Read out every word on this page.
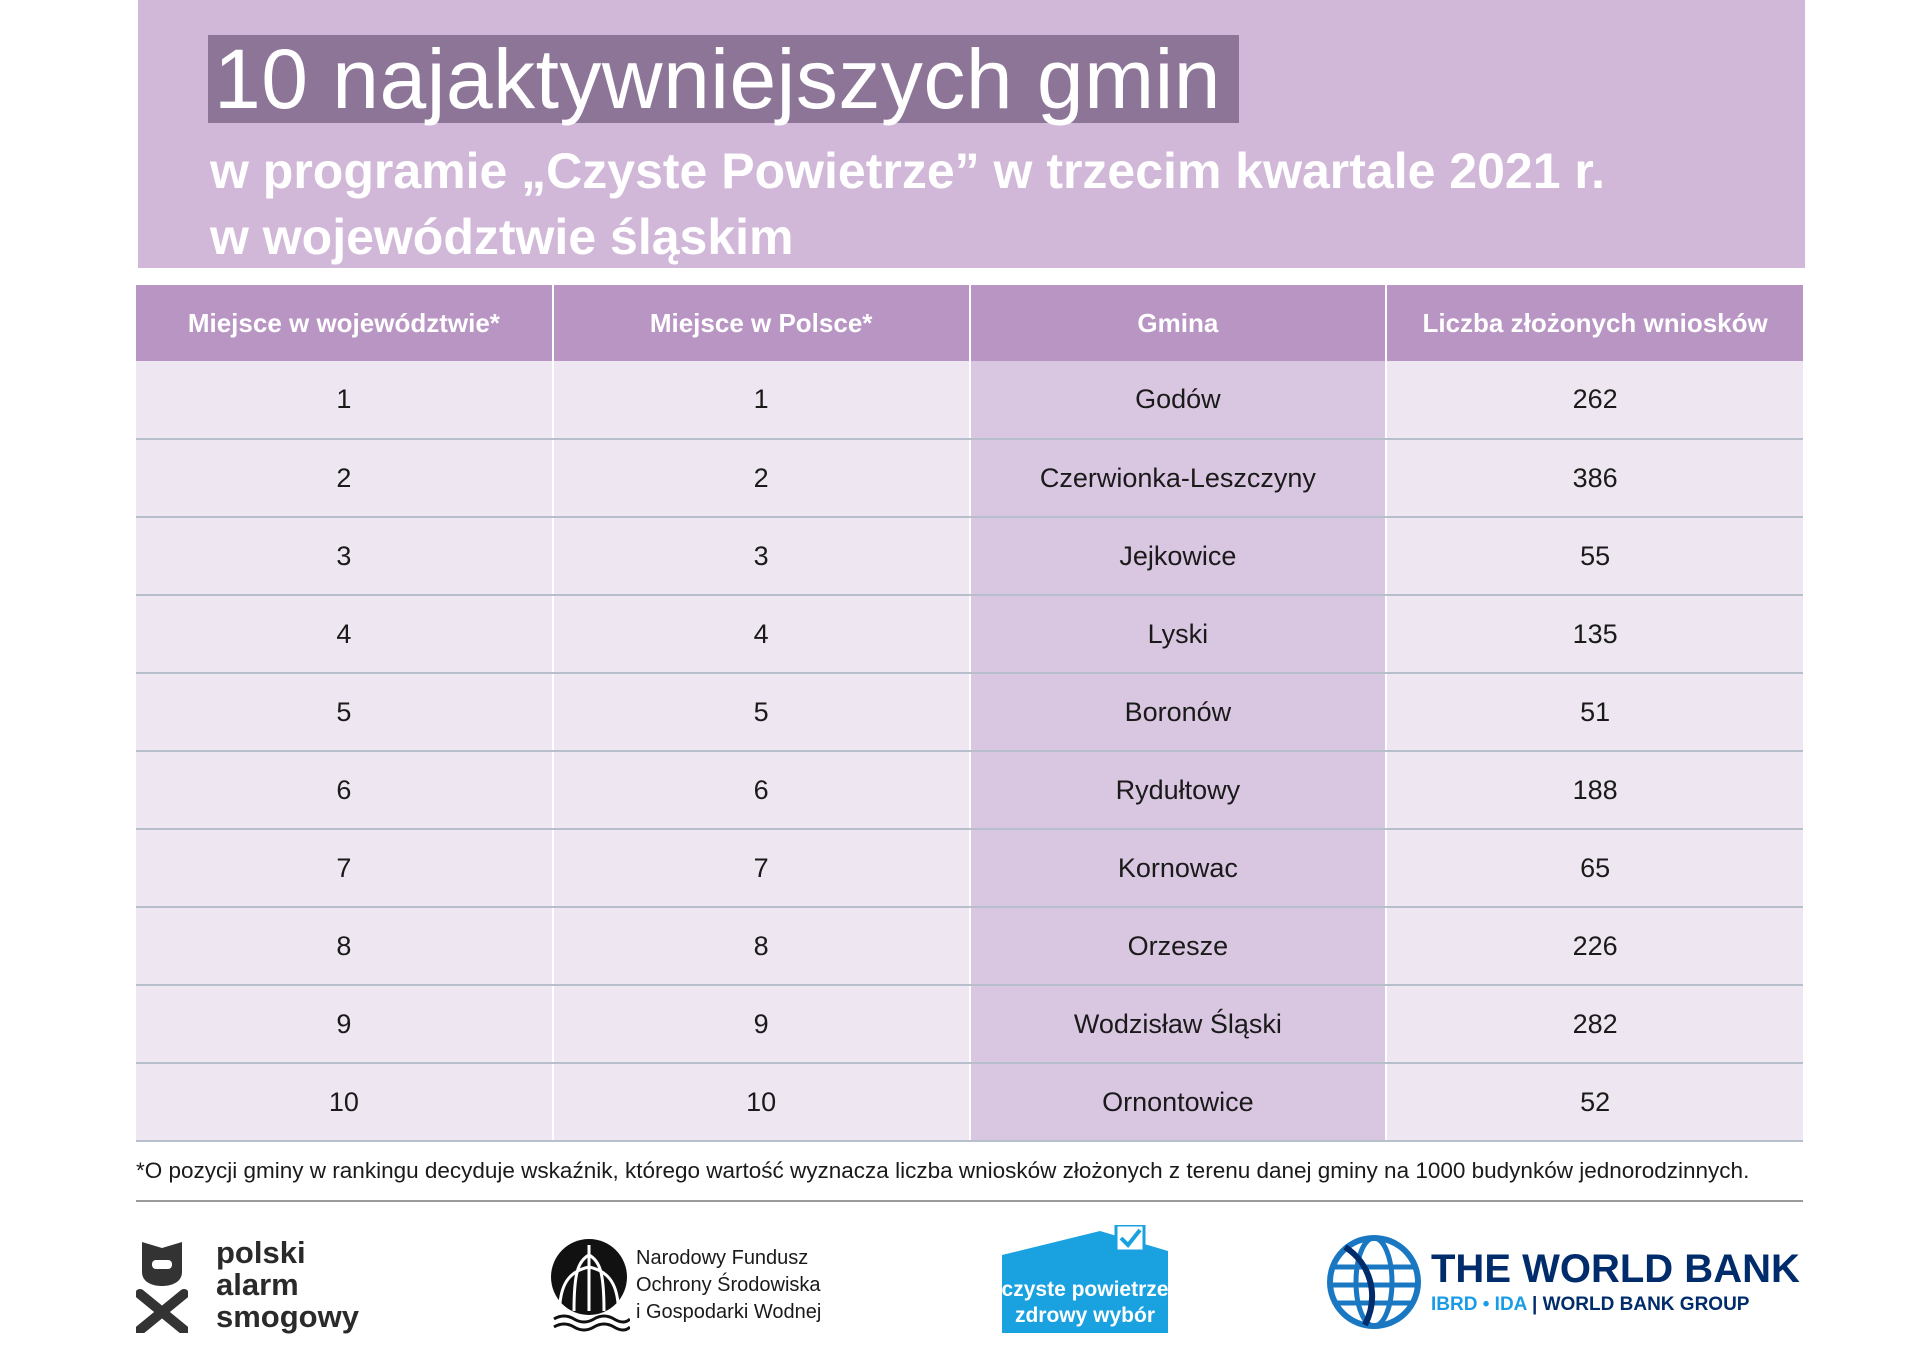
10 najaktywniejszych gmin
w programie „Czyste Powietrze” w trzecim kwartale 2021 r.
w województwie śląskim
Miejsce w województwie*	Miejsce w Polsce*	Gmina	Liczba złożonych wniosków
1	1	Godów	262
2	2	Czerwionka-Leszczyny	386
3	3	Jejkowice	55
4	4	Lyski	135
5	5	Boronów	51
6	6	Rydułtowy	188
7	7	Kornowac	65
8	8	Orzesze	226
9	9	Wodzisław Śląski	282
10	10	Ornontowice	52
*O pozycji gminy w rankingu decyduje wskaźnik, którego wartość wyznacza liczba wniosków złożonych z terenu danej gminy na 1000 budynków jednorodzinnych.
polski
alarm
smogowy
Narodowy Fundusz
Ochrony Środowiska
i Gospodarki Wodnej
czyste powietrze
zdrowy wybór
THE WORLD BANK
IBRD • IDA | WORLD BANK GROUP
